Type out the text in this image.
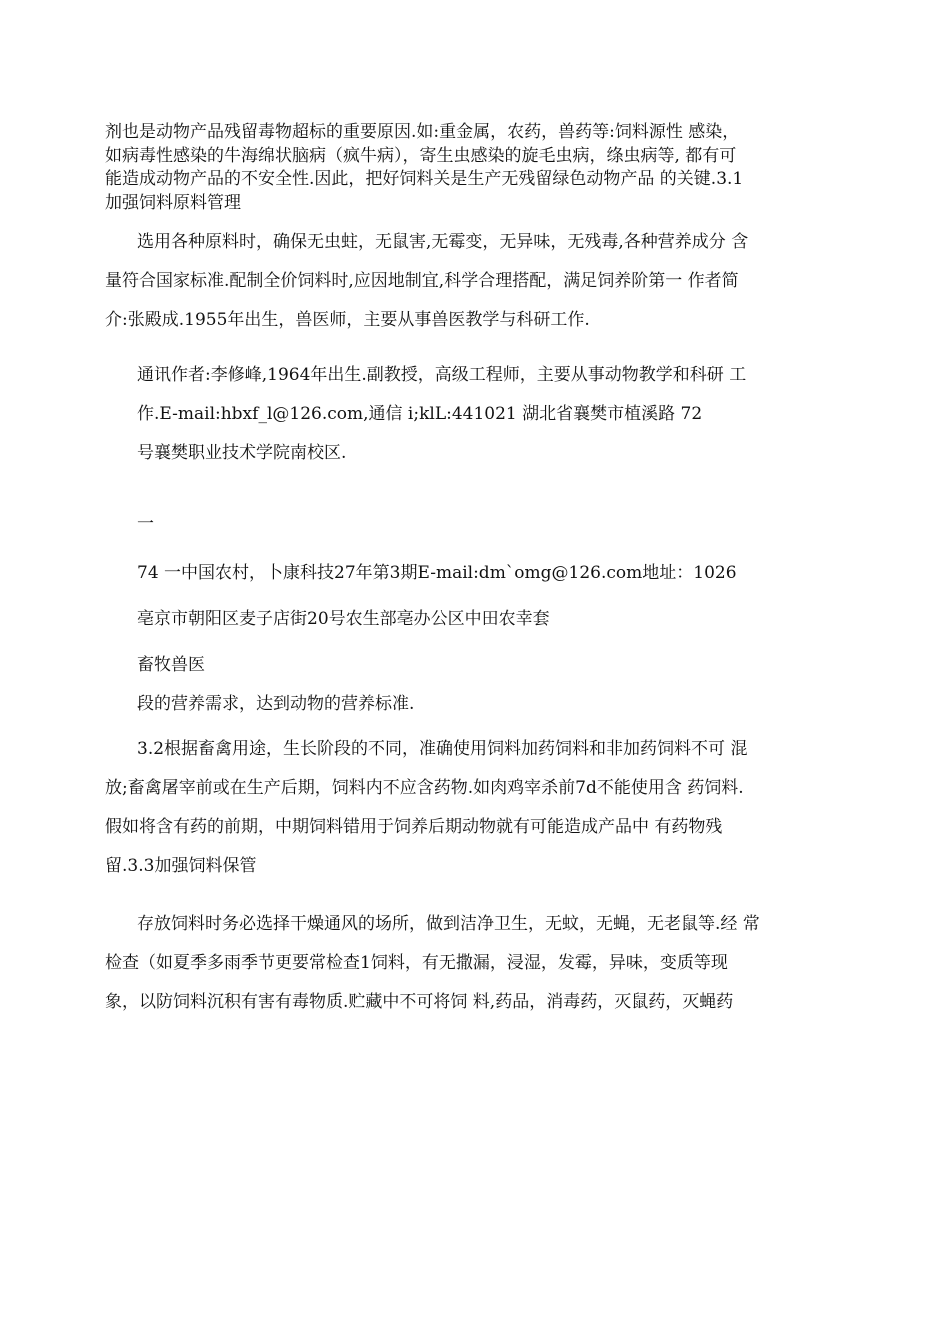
剂也是动物产品残留毒物超标的重要原因.如:重金属，农药，兽药等:饲料源性 感染，
如病毒性感染的牛海绵状脑病（疯牛病），寄生虫感染的旋毛虫病，绦虫病等, 都有可
能造成动物产品的不安全性.因此，把好饲料关是生产无残留绿色动物产品 的关键.3.1
加强饲料原料管理
选用各种原料时，确保无虫蛀，无鼠害,无霉变，无异味，无残毒,各种营养成分 含
量符合国家标准.配制全价饲料时,应因地制宜,科学合理搭配，满足饲养阶第一 作者简
介:张殿成.1955年出生，兽医师，主要从事兽医教学与科研工作.
通讯作者:李修峰,1964年出生.副教授，高级工程师，主要从事动物教学和科研 工
作.E-mail:hbxf_l@126.com,通信 i;klL:441021 湖北省襄樊市植溪路 72
号襄樊职业技术学院南校区.
一
74 一中国农村，卜康科技27年第3期E-mail:dm`omg@126.com地址：1026
亳京市朝阳区麦子店街20号农生部亳办公区中田农幸套
畜牧兽医
段的营养需求，达到动物的营养标准.
3.2根据畜禽用途，生长阶段的不同，准确使用饲料加药饲料和非加药饲料不可 混
放;畜禽屠宰前或在生产后期，饲料内不应含药物.如肉鸡宰杀前7d不能使用含 药饲料.
假如将含有药的前期，中期饲料错用于饲养后期动物就有可能造成产品中 有药物残
留.3.3加强饲料保管
存放饲料时务必选择干燥通风的场所，做到洁净卫生，无蚊，无蝇，无老鼠等.经 常
检查（如夏季多雨季节更要常检查1饲料，有无撒漏，浸湿，发霉，异味，变质等现
象，以防饲料沉积有害有毒物质.贮藏中不可将饲 料,药品，消毒药，灭鼠药，灭蝇药
